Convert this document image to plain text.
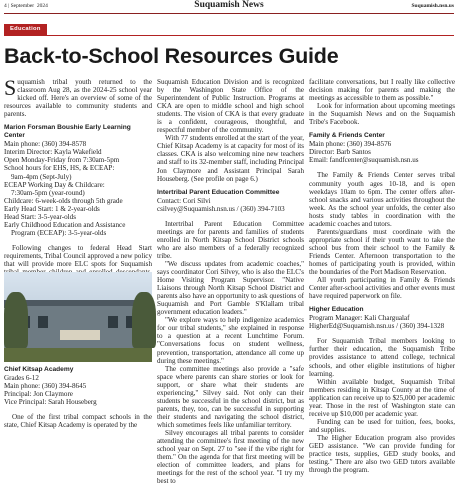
4 | September 2024	Suquamish News	Suquamish.nsn.us
Education
Back-to-School Resources Guide

Suquamish tribal youth returned to the classroom Aug 28, as the 2024-25 school year kicked off. Here's an overview of some of the resources available to community students and parents.

Marion Forsman Boushie Early Learning Center
Main phone: (360) 394-8578
Interim Director: Kayla Wakefield
Open Monday-Friday from 7:30am-5pm
School hours for EHS, HS, & ECEAP:
9am-4pm (Sept-July)
ECEAP Working Day & Childcare:
7:30am-5pm (year-round)
Childcare: 6-week-olds through 5th grade
Early Head Start: 1 & 2-year-olds
Head Start: 3-5-year-olds
Early Childhood Education and Assistance
Program (ECEAP): 3-5-year-olds

Following changes to federal Head Start requirements, Tribal Council approved a new policy that will provide more ELC spots for Suquamish

Chief Kitsap Academy
Grades 6-12
Main phone: (360) 394-8645
Principal: Jon Claymore
Vice Principal: Sarah Houseberg

One of the first tribal compact schools in the state, Chief Kitsap Academy is operated by the

Suquamish Education Division and is recognized by the Washington State Office of the Superintendent of Public Instruction. Programs at CKA are open to middle school and high school students. The vision of CKA is that every graduate is a confident, courageous, thoughtful, and respectful member of the community.

With 77 students enrolled at the start of the year, Chief Kitsap Academy is at capacity for most of its classes. CKA is also welcoming nine new teachers and staff to its 32-member staff, including Principal Jon Claymore and Assistant Principal Sarah Houseberg. (See profile on page 6.)

Intertribal Parent Education Committee
Contact: Cori Silvi
csilvey@Suquamish.nsn.us / (360) 394-7103

Intertribal Parent Education Committee meetings are for parents and families of students enrolled in North Kitsap School District schools who are also members of a federally recognized tribe.

"We discuss updates from academic coaches," says coordinator Cori Silvey, who is also the ELC's Home Visiting Program Supervisor. "Native Liaisons through North Kitsap School District and parents also have an opportunity to ask questions of Suquamish and Port Gamble S'Klallam tribal government education leaders."

"We explore ways to help indigenize academics for our tribal students," she explained in response to a question at a recent Lunchtime Forum. "Conversations focus on student wellness, prevention, transportation, attendance all come up during these meetings."

The committee meetings also provide a "safe space where parents can share stories or look for support, or share what their students are experiencing," Silvey said. Not only can their students be successful in the school district, but as parents, they, too, can be successful in supporting their students and navigating the school district, which sometimes feels like unfamiliar territory.

Silvey encourages all tribal parents to consider attending the committee's first meeting of the new school year on Sept. 27 to "see if the vibe right for them." On the agenda for that first meeting will be election of committee leaders, and plans for meetings for the rest of the school year. "I try my best to

facilitate conversations, but I really like collective decision making for parents and making the meetings as accessible to them as possible."

Look for information about upcoming meetings in the Suquamish News and on the Suquamish Tribe's Facebook.

Family & Friends Center
Main phone: (360) 394-8576
Director: Barb Santos
Email: fandfcenter@suquamish.nsn.us

The Family & Friends Center serves tribal community youth ages 10-18, and is open weekdays 10am to 6pm. The center offers after-school snacks and various activities throughout the week. As the school year unfolds, the center also hosts study tables in coordination with the academic coaches and tutors.

Parents/guardians must coordinate with the appropriate school if their youth want to take the school bus from their school to the Family & Friends Center. Afternoon transportation to the homes of participating youth is provided, within the boundaries of the Port Madison Reservation.

All youth participating in Family & Friends Center after-school activities and other events must have required paperwork on file.

Higher Education
Program Manager: Kali Chargualaf
HigherEd@Suquamish.nsn.us / (360) 394-1328

For Suquamish Tribal members looking to further their education, the Suquamish Tribe provides assistance to attend college, technical schools, and other eligible institutions of higher learning.

Within available budget, Suquamish Tribal members residing in Kitsap County at the time of application can receive up to $25,000 per academic year. Those in the rest of Washington state can receive up $10,000 per academic year.

Funding can be used for tuition, fees, books, and supplies.

The Higher Education program also provides GED assistance. "We can provide funding for practice tests, supplies, GED study books, and testing." There are also two GED tutors available through the program.
